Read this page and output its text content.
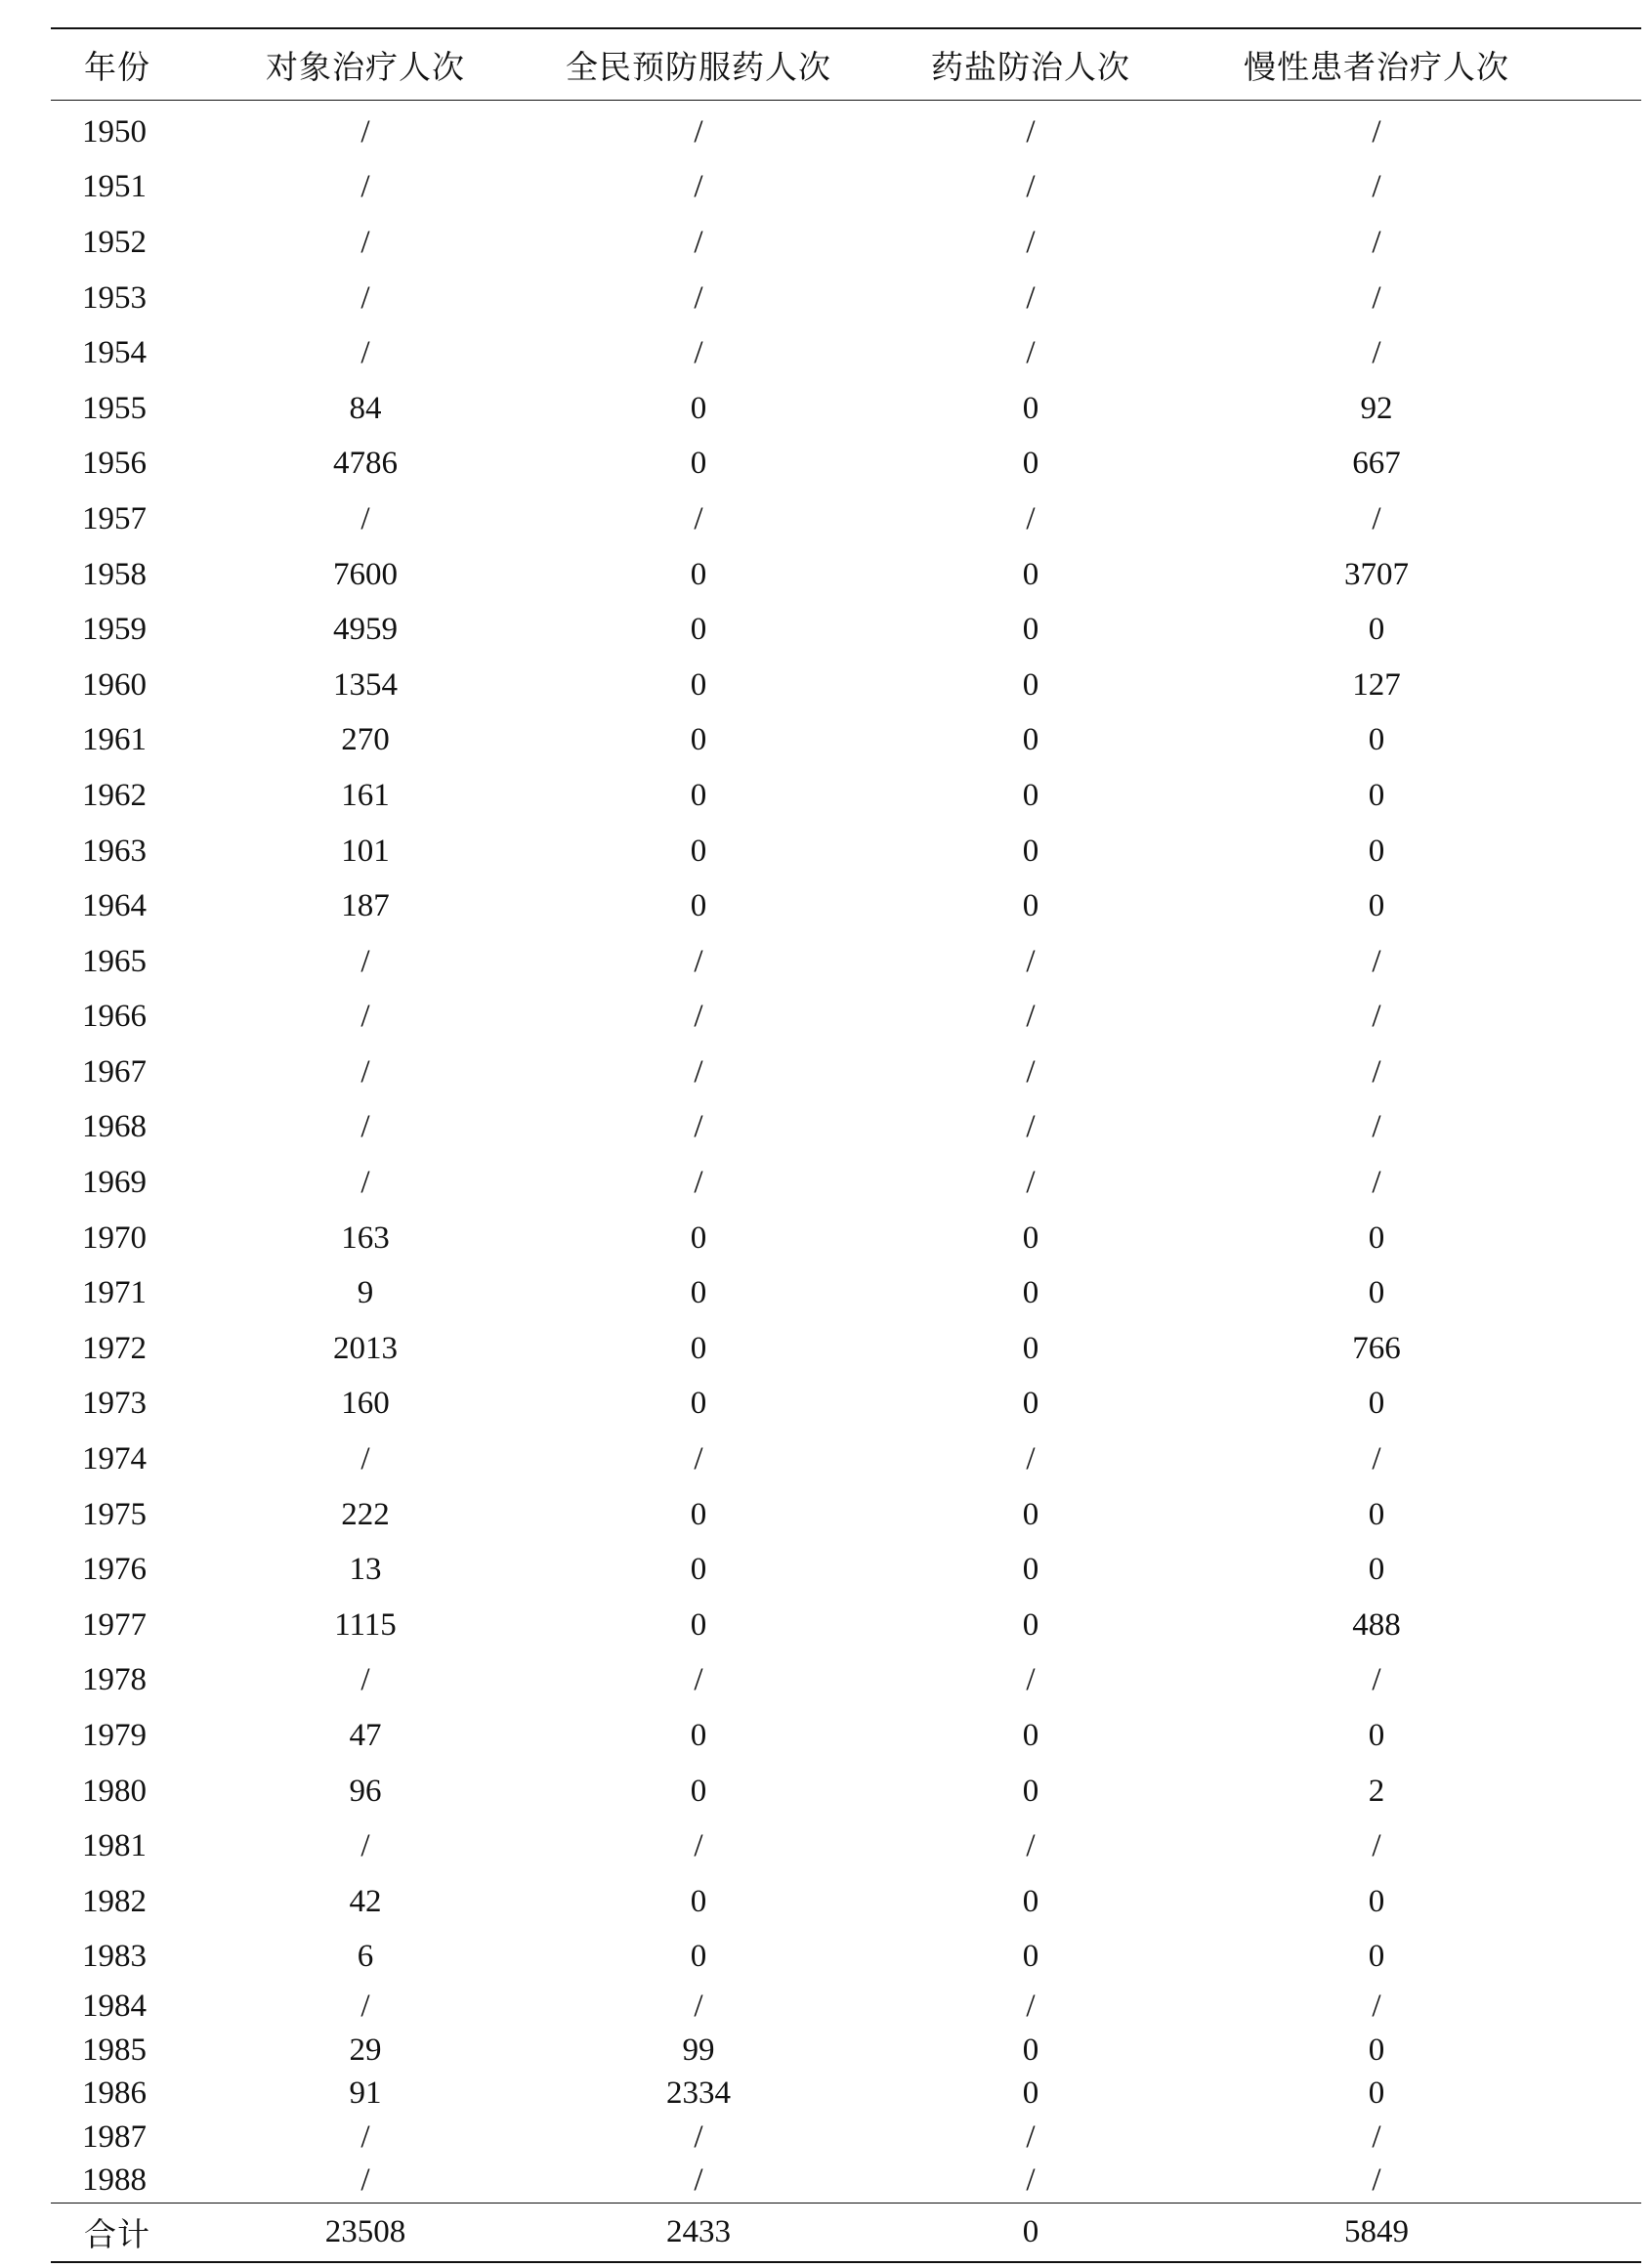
年份	对象治疗人次	全民预防服药人次	药盐防治人次	慢性患者治疗人次
1950	/	/	/	/
1951	/	/	/	/
1952	/	/	/	/
1953	/	/	/	/
1954	/	/	/	/
1955	84	0	0	92
1956	4786	0	0	667
1957	/	/	/	/
1958	7600	0	0	3707
1959	4959	0	0	0
1960	1354	0	0	127
1961	270	0	0	0
1962	161	0	0	0
1963	101	0	0	0
1964	187	0	0	0
1965	/	/	/	/
1966	/	/	/	/
1967	/	/	/	/
1968	/	/	/	/
1969	/	/	/	/
1970	163	0	0	0
1971	9	0	0	0
1972	2013	0	0	766
1973	160	0	0	0
1974	/	/	/	/
1975	222	0	0	0
1976	13	0	0	0
1977	1115	0	0	488
1978	/	/	/	/
1979	47	0	0	0
1980	96	0	0	2
1981	/	/	/	/
1982	42	0	0	0
1983	6	0	0	0
1984	/	/	/	/
1985	29	99	0	0
1986	91	2334	0	0
1987	/	/	/	/
1988	/	/	/	/
合计	23508	2433	0	5849
